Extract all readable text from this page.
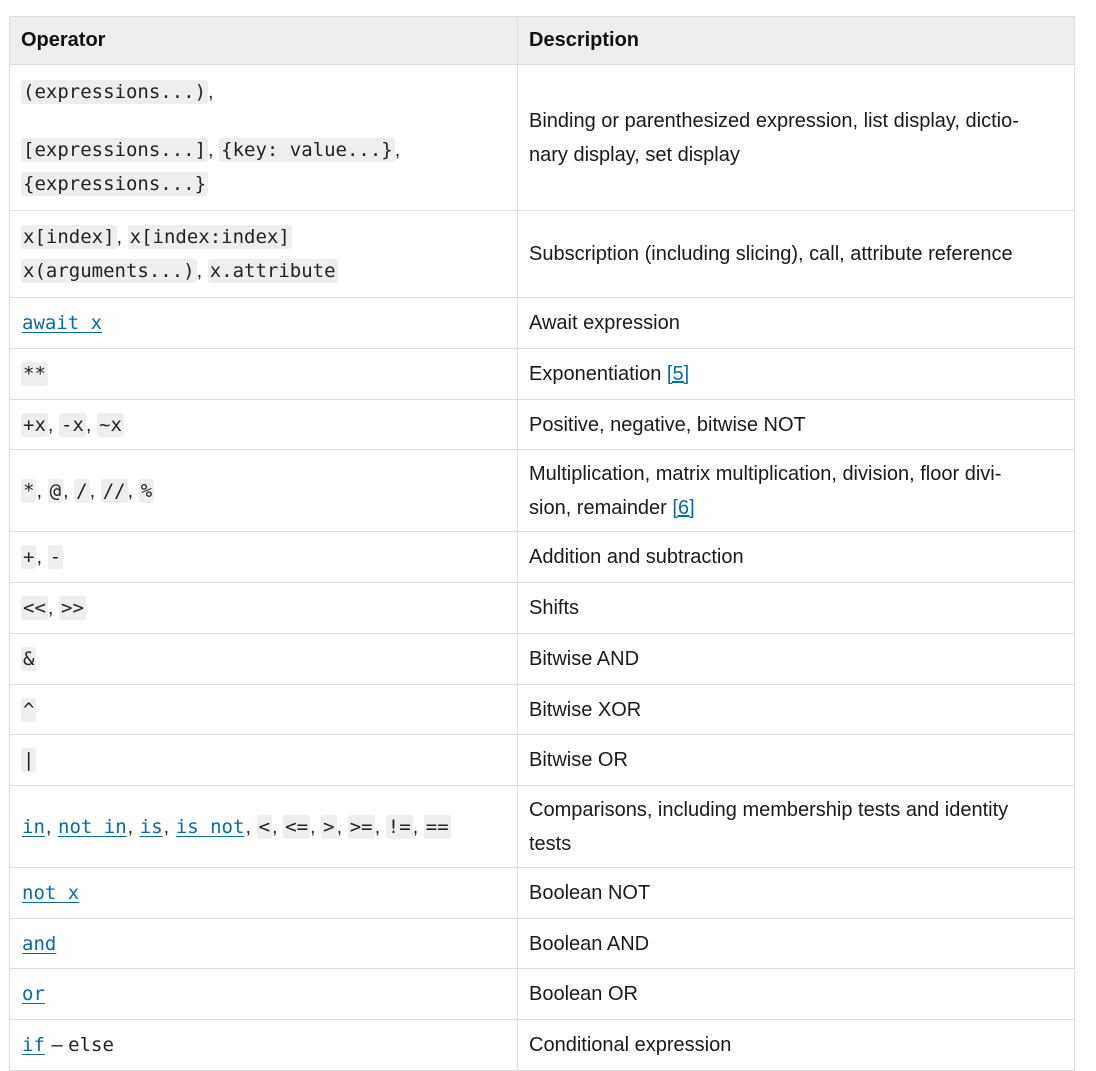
Operator	Description

(expressions...) ,
[expressions...] , {key: value...} ,
{expressions...}	Binding or parenthesized expression, list display, dictio-
nary display, set display

x[index] , x[index:index]
x(arguments...) , x.attribute	Subscription (including slicing), call, attribute reference

await x	Await expression

**	Exponentiation [5]

+x , -x , ~x	Positive, negative, bitwise NOT

* , @ , / , // , %	Multiplication, matrix multiplication, division, floor divi-
sion, remainder [6]

+ , -	Addition and subtraction

<< , >>	Shifts

&	Bitwise AND

^	Bitwise XOR

|	Bitwise OR

in, not in, is, is not, < , <= , > , >= , != , ==	Comparisons, including membership tests and identity
tests

not x	Boolean NOT

and	Boolean AND

or	Boolean OR

if – else	Conditional expression
